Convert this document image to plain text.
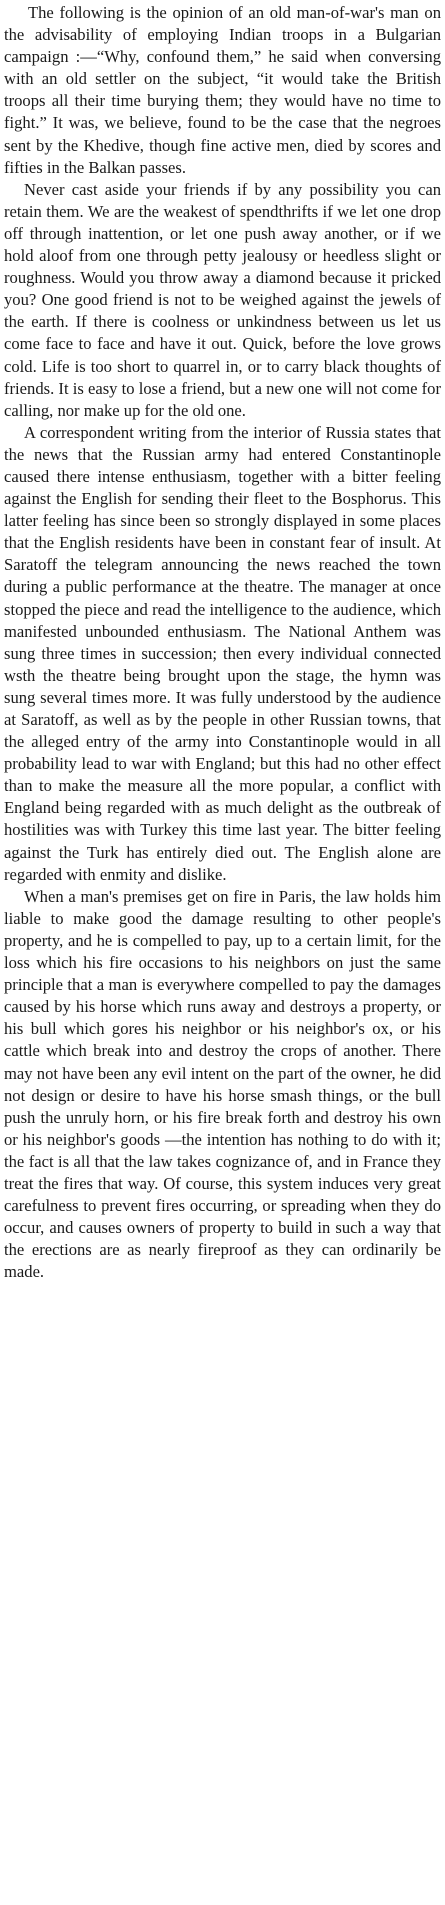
The following is the opinion of an old man-of-war's man on the advisability of employing Indian troops in a Bulgarian campaign :—“Why, confound them,” he said when conversing with an old settler on the subject, “it would take the British troops all their time burying them; they would have no time to fight.” It was, we believe, found to be the case that the negroes sent by the Khedive, though fine active men, died by scores and fifties in the Balkan passes.

Never cast aside your friends if by any possibility you can retain them. We are the weakest of spendthrifts if we let one drop off through inattention, or let one push away another, or if we hold aloof from one through petty jealousy or heedless slight or roughness. Would you throw away a diamond because it pricked you? One good friend is not to be weighed against the jewels of the earth. If there is coolness or unkindness between us let us come face to face and have it out. Quick, before the love grows cold. Life is too short to quarrel in, or to carry black thoughts of friends. It is easy to lose a friend, but a new one will not come for calling, nor make up for the old one.

A correspondent writing from the interior of Russia states that the news that the Russian army had entered Constantinople caused there intense enthusiasm, together with a bitter feeling against the English for sending their fleet to the Bosphorus. This latter feeling has since been so strongly displayed in some places that the English residents have been in constant fear of insult. At Saratoff the telegram announcing the news reached the town during a public performance at the theatre. The manager at once stopped the piece and read the intelligence to the audience, which manifested unbounded enthusiasm. The National Anthem was sung three times in succession; then every individual connected wsth the theatre being brought upon the stage, the hymn was sung several times more. It was fully understood by the audience at Saratoff, as well as by the people in other Russian towns, that the alleged entry of the army into Constantinople would in all probability lead to war with England; but this had no other effect than to make the measure all the more popular, a conflict with England being regarded with as much delight as the outbreak of hostilities was with Turkey this time last year. The bitter feeling against the Turk has entirely died out. The English alone are regarded with enmity and dislike.

When a man's premises get on fire in Paris, the law holds him liable to make good the damage resulting to other people's property, and he is compelled to pay, up to a certain limit, for the loss which his fire occasions to his neighbors on just the same principle that a man is everywhere compelled to pay the damages caused by his horse which runs away and destroys a property, or his bull which gores his neighbor or his neighbor's ox, or his cattle which break into and destroy the crops of another. There may not have been any evil intent on the part of the owner, he did not design or desire to have his horse smash things, or the bull push the unruly horn, or his fire break forth and destroy his own or his neighbor's goods —the intention has nothing to do with it; the fact is all that the law takes cognizance of, and in France they treat the fires that way. Of course, this system induces very great carefulness to prevent fires occurring, or spreading when they do occur, and causes owners of property to build in such a way that the erections are as nearly fireproof as they can ordinarily be made.
